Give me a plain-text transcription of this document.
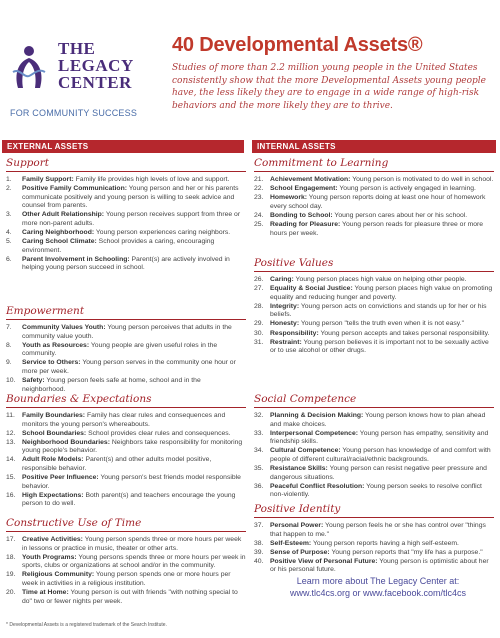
THE
LEGACY
CENTER
FOR COMMUNITY SUCCESS
40 Developmental Assets®
Studies of more than 2.2 million young people in the United States consistently show that the more Developmental Assets young people have, the less likely they are to engage in a wide range of high-risk behaviors and the more likely they are to thrive.
EXTERNAL ASSETS	INTERNAL ASSETS
Support
1.	Family Support: Family life provides high levels of love and support.
2.	Positive Family Communication: Young person and her or his parents communicate positively and young person is willing to seek advice and counsel from parents.
3.	Other Adult Relationship: Young person receives support from three or more non-parent adults.
4.	Caring Neighborhood: Young person experiences caring neighbors.
5.	Caring School Climate: School provides a caring, encouraging environment.
6.	Parent Involvement in Schooling: Parent(s) are actively involved in helping young person succeed in school.
Empowerment
7.	Community Values Youth: Young person perceives that adults in the community value youth.
8.	Youth as Resources: Young people are given useful roles in the community.
9.	Service to Others: Young person serves in the community one hour or more per week.
10. Safety: Young person feels safe at home, school and in the neighborhood.
Boundaries & Expectations
11.	Family Boundaries: Family has clear rules and consequences and monitors the young person's whereabouts.
12. School Boundaries: School provides clear rules and consequences.
13. Neighborhood Boundaries: Neighbors take responsibility for monitoring young people's behavior.
14. Adult Role Models: Parent(s) and other adults model positive, responsible behavior.
15. Positive Peer Influence: Young person's best friends model responsible behavior.
16. High Expectations: Both parent(s) and teachers encourage the young person to do well.
Constructive Use of Time
17. Creative Activities: Young person spends three or more hours per week in lessons or practice in music, theater or other arts.
18. Youth Programs: Young persons spends three or more hours per week in sports, clubs or organizations at school and/or in the community.
19. Religious Community: Young person spends one or more hours per week in activities in a religious institution.
20. Time at Home: Young person is out with friends "with nothing special to do" two or fewer nights per week.
Commitment to Learning
21. Achievement Motivation: Young person is motivated to do well in school.
22. School Engagement: Young person is actively engaged in learning.
23. Homework: Young person reports doing at least one hour of homework every school day.
24. Bonding to School: Young person cares about her or his school.
25. Reading for Pleasure: Young person reads for pleasure three or more hours per week.
Positive Values
26. Caring: Young person places high value on helping other people.
27. Equality & Social Justice: Young person places high value on promoting equality and reducing hunger and poverty.
28. Integrity: Young person acts on convictions and stands up for her or his beliefs.
29. Honesty: Young person "tells the truth even when it is not easy."
30. Responsibility: Young person accepts and takes personal responsibility.
31. Restraint: Young person believes it is important not to be sexually active or to use alcohol or other drugs.
Social Competence
32. Planning & Decision Making: Young person knows how to plan ahead and make choices.
33. Interpersonal Competence: Young person has empathy, sensitivity and friendship skills.
34. Cultural Competence: Young person has knowledge of and comfort with people of different cultural/racial/ethnic backgrounds.
35. Resistance Skills: Young person can resist negative peer pressure and dangerous situations.
36. Peaceful Conflict Resolution: Young person seeks to resolve conflict non-violently.
Positive Identity
37. Personal Power: Young person feels he or she has control over "things that happen to me."
38. Self-Esteem: Young person reports having a high self-esteem.
39. Sense of Purpose: Young person reports that "my life has a purpose."
40. Positive View of Personal Future: Young person is optimistic about her or his personal future.
Learn more about The Legacy Center at:
www.tlc4cs.org or www.facebook.com/tlc4cs
* Developmental Assets is a registered trademark of the Search Institute.
